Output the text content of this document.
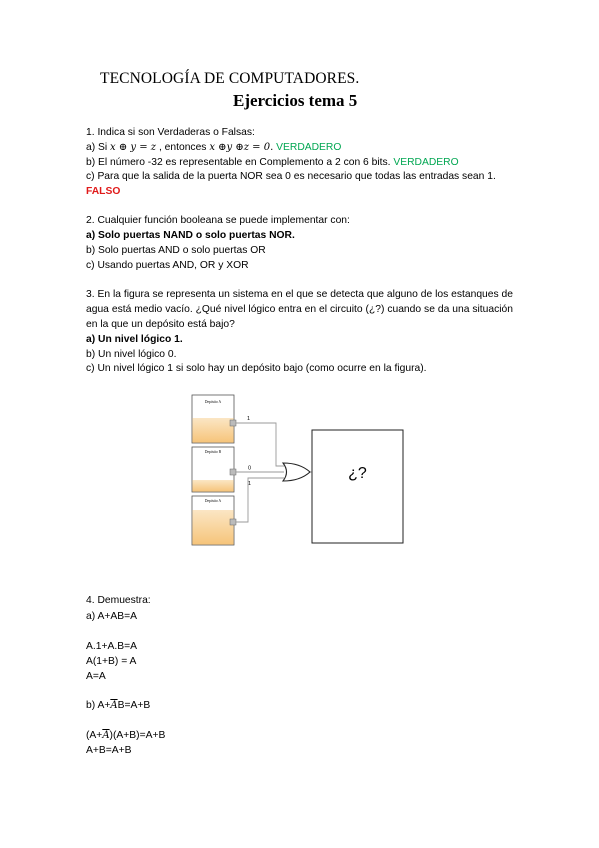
TECNOLOGÍA DE COMPUTADORES.
Ejercicios tema 5
1. Indica si son Verdaderas o Falsas:
a) Si x ⊕ y = z , entonces x ⊕y ⊕z = 0. VERDADERO
b) El número -32 es representable en Complemento a 2 con 6 bits. VERDADERO
c) Para que la salida de la puerta NOR sea 0 es necesario que todas las entradas sean 1.
FALSO
2. Cualquier función booleana se puede implementar con:
a) Solo puertas NAND o solo puertas NOR.
b) Solo puertas AND o solo puertas OR
c) Usando puertas AND, OR y XOR
3. En la figura se representa un sistema en el que se detecta que alguno de los estanques de agua está medio vacío. ¿Qué nivel lógico entra en el circuito (¿?) cuando se da una situación en la que un depósito está bajo?
a) Un nivel lógico 1.
b) Un nivel lógico 0.
c) Un nivel lógico 1 si solo hay un depósito bajo (como ocurre en la figura).
Depósito A
Depósito B
Depósito A
1
0
1
¿?
4. Demuestra:
a) A+AB=A
A.1+A.B=A
A(1+B) = A
A=A
b) $A+\overline{A}B=A+B$
$(A+\overline{A})(A+B)=A+B$
A+B=A+B
